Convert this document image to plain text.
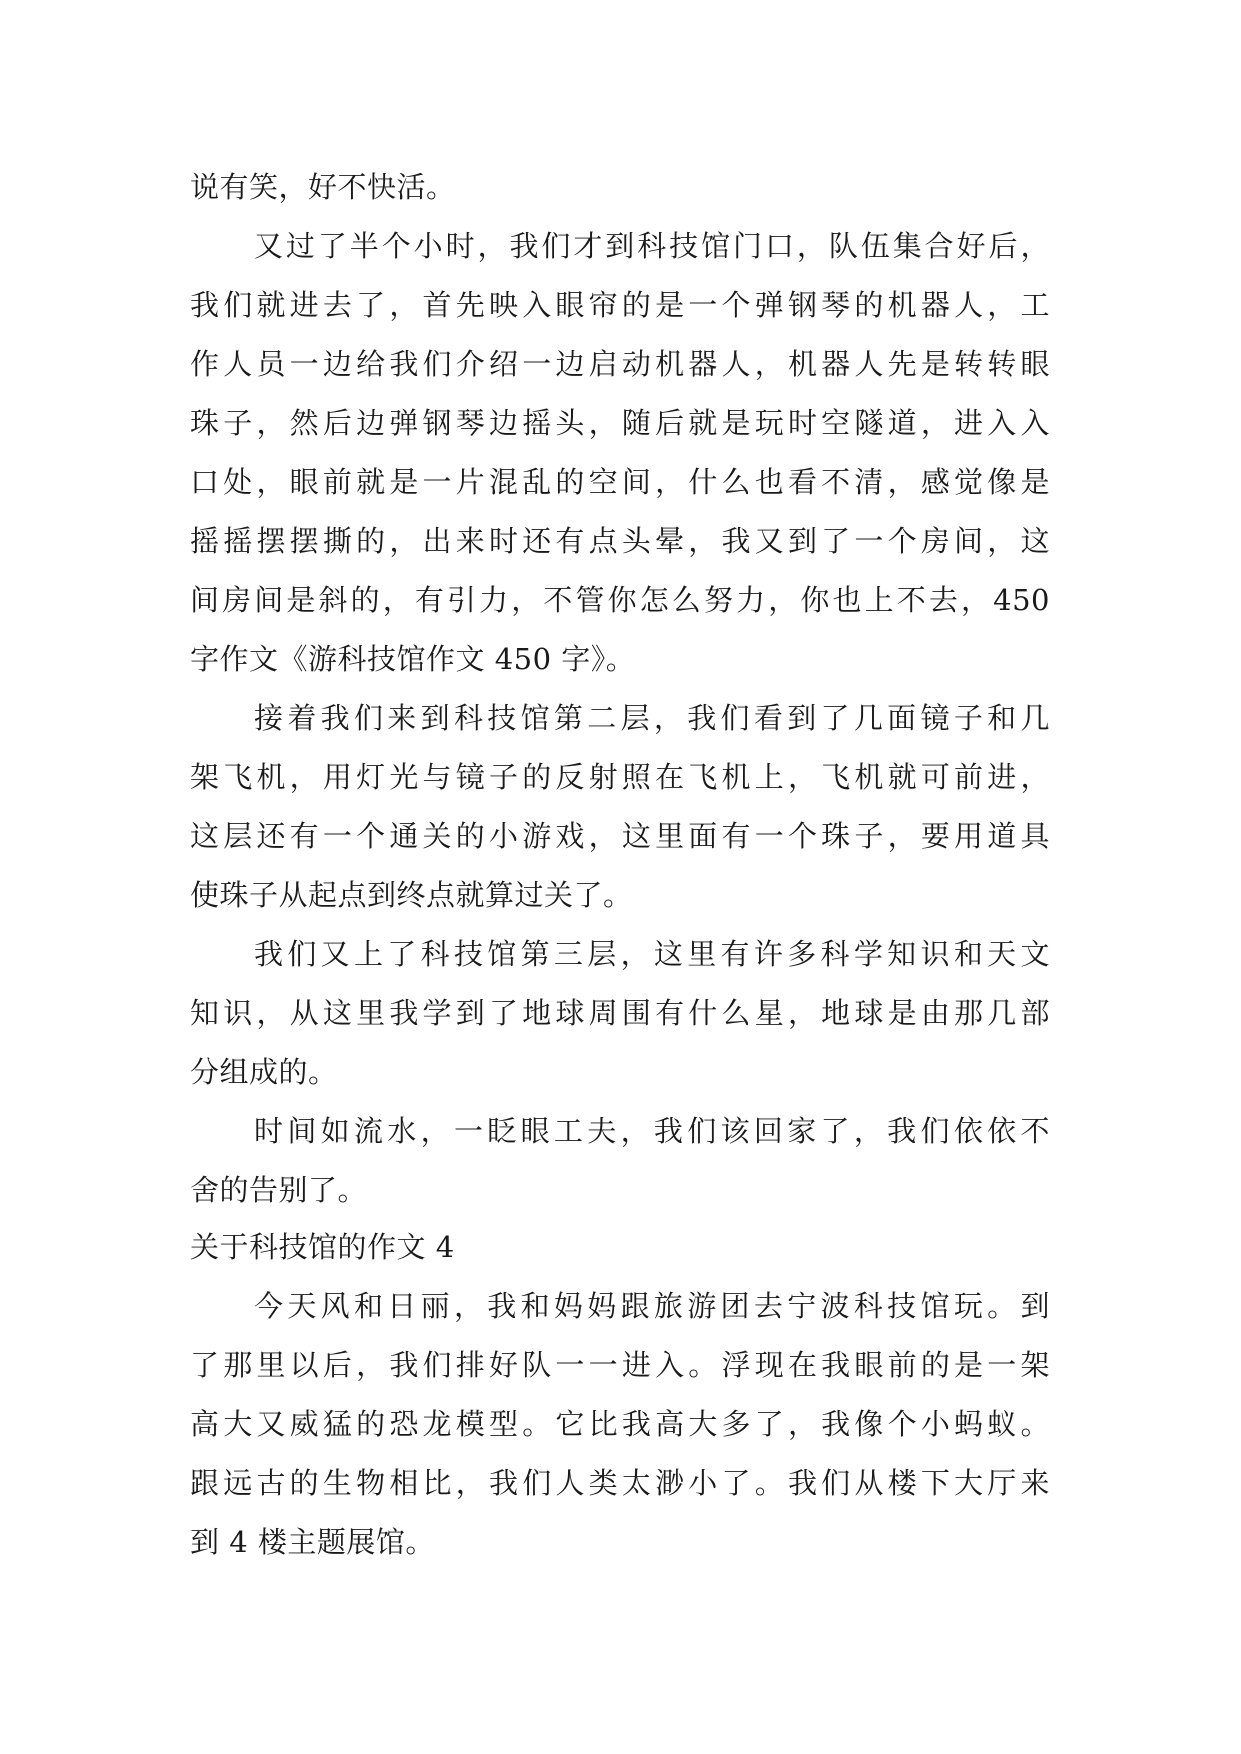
说有笑，好不快活。
又过了半个小时，我们才到科技馆门口，队伍集合好后，
我们就进去了，首先映入眼帘的是一个弹钢琴的机器人，工
作人员一边给我们介绍一边启动机器人，机器人先是转转眼
珠子，然后边弹钢琴边摇头，随后就是玩时空隧道，进入入
口处，眼前就是一片混乱的空间，什么也看不清，感觉像是
摇摇摆摆撕的，出来时还有点头晕，我又到了一个房间，这
间房间是斜的，有引力，不管你怎么努力，你也上不去，450
字作文《游科技馆作文 450 字》。
接着我们来到科技馆第二层，我们看到了几面镜子和几
架飞机，用灯光与镜子的反射照在飞机上，飞机就可前进，
这层还有一个通关的小游戏，这里面有一个珠子，要用道具
使珠子从起点到终点就算过关了。
我们又上了科技馆第三层，这里有许多科学知识和天文
知识，从这里我学到了地球周围有什么星，地球是由那几部
分组成的。
时间如流水，一眨眼工夫，我们该回家了，我们依依不
舍的告别了。
关于科技馆的作文 4
今天风和日丽，我和妈妈跟旅游团去宁波科技馆玩。到
了那里以后，我们排好队一一进入。浮现在我眼前的是一架
高大又威猛的恐龙模型。它比我高大多了，我像个小蚂蚁。
跟远古的生物相比，我们人类太渺小了。我们从楼下大厅来
到 4 楼主题展馆。
